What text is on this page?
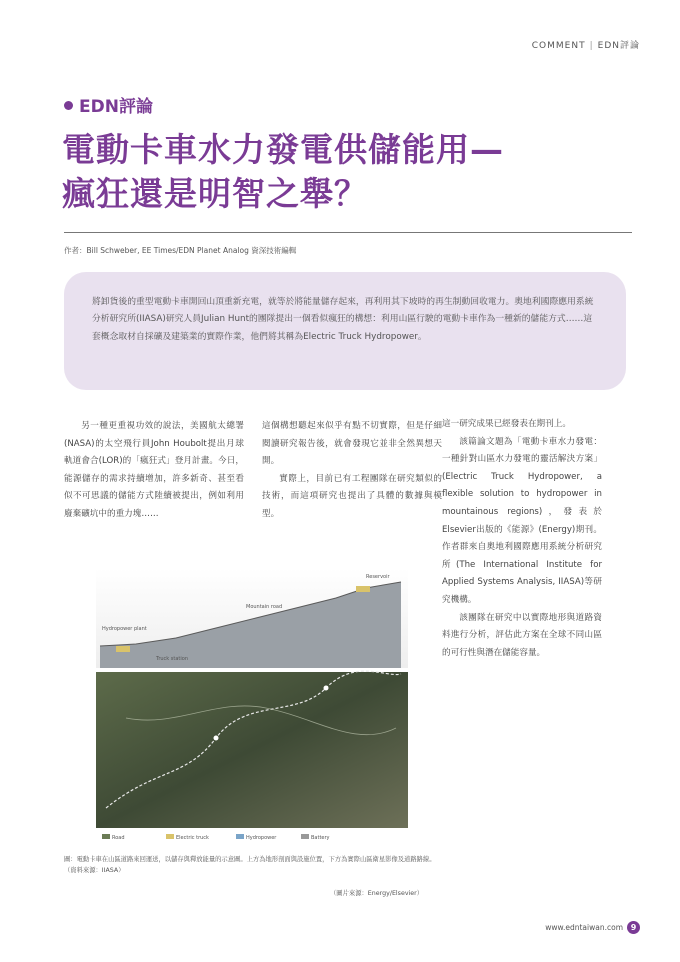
COMMENT | EDN評論
EDN評論
電動卡車水力發電供儲能用—
瘋狂還是明智之舉？
作者：Bill Schweber, EE Times/EDN Planet Analog 資深技術編輯
將卸貨後的重型電動卡車開回山頂重新充電，就等於將能量儲存起來，再利用其下坡時的再生制動回收電力。奧地利國際應用系統分析研究所(IIASA)研究人員Julian Hunt的團隊提出一個看似瘋狂的構想：利用山區行駛的電動卡車作為一種新的儲能方式……這套概念取材自採礦及建築業的實際作業，他們將其稱為Electric Truck Hydropower。

另一種更重視功效的說法，美國航太總署(NASA)的太空飛行員John Houbolt提出月球軌道會合(LOR)的「瘋狂式」登月計畫。今日，能源儲存的需求持續增加，許多新奇、甚至看似不可思議的儲能方式陸續被提出，例如利用廢棄礦坑中的重力塊……

這個構想聽起來似乎有點不切實際，但是仔細閱讀研究報告後，就會發現它並非全然異想天開。

實際上，目前已有工程團隊在研究類似的技術，而這項研究也提出了具體的數據與模型。

這一研究成果已經發表在期刊上。

該篇論文題為「電動卡車水力發電：一種針對山區水力發電的靈活解決方案」(Electric Truck Hydropower, a flexible solution to hydropower in mountainous regions)，發表於Elsevier出版的《能源》(Energy)期刊。作者群來自奧地利國際應用系統分析研究所(The International Institute for Applied Systems Analysis, IIASA)等研究機構。

該團隊在研究中以實際地形與道路資料進行分析，評估此方案在全球不同山區的可行性與潛在儲能容量。

Reservoir
Mountain road
Hydropower plant
Truck station
Road	Electric truck	Hydropower	Battery
圖：電動卡車在山區道路來回運送，以儲存與釋放能量的示意圖。上方為地形剖面與設施位置，下方為實際山區衛星影像及道路路線。（資料來源：IIASA）
（圖片來源：Energy/Elsevier）
www.edntaiwan.com 9
